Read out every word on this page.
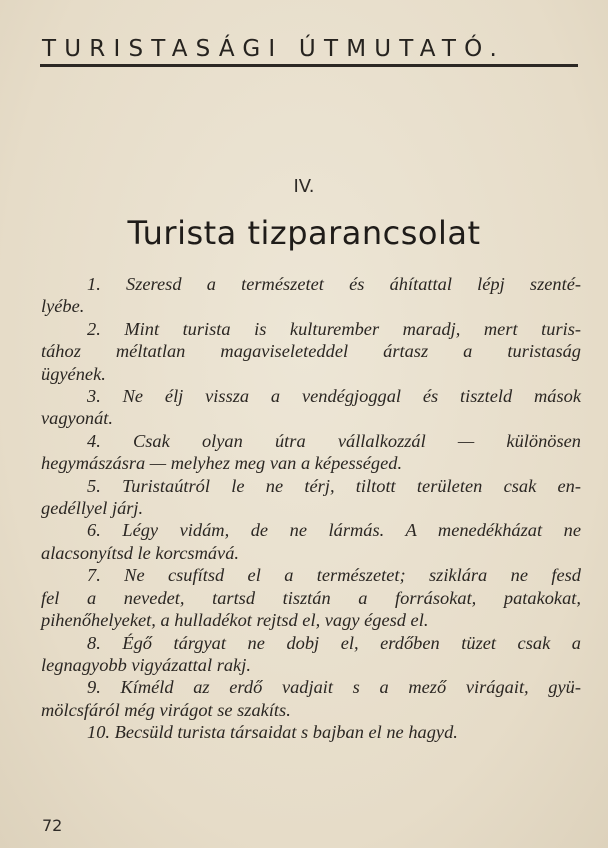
TURISTASÁGI ÚTMUTATÓ.
IV.
Turista tizparancsolat
1. Szeresd a természetet és áhítattal lépj szenté-
lyébe.
2. Mint turista is kulturember maradj, mert turis-
tához méltatlan magaviseleteddel ártasz a turistaság
ügyének.
3. Ne élj vissza a vendégjoggal és tiszteld mások
vagyonát.
4. Csak olyan útra vállalkozzál — különösen
hegymászásra — melyhez meg van a képességed.
5. Turistaútról le ne térj, tiltott területen csak en-
gedéllyel járj.
6. Légy vidám, de ne lármás. A menedékházat ne
alacsonyítsd le korcsmává.
7. Ne csufítsd el a természetet; sziklára ne fesd
fel a nevedet, tartsd tisztán a forrásokat, patakokat,
pihenőhelyeket, a hulladékot rejtsd el, vagy égesd el.
8. Égő tárgyat ne dobj el, erdőben tüzet csak a
legnagyobb vigyázattal rakj.
9. Kíméld az erdő vadjait s a mező virágait, gyü-
mölcsfáról még virágot se szakíts.
10. Becsüld turista társaidat s bajban el ne hagyd.
72
